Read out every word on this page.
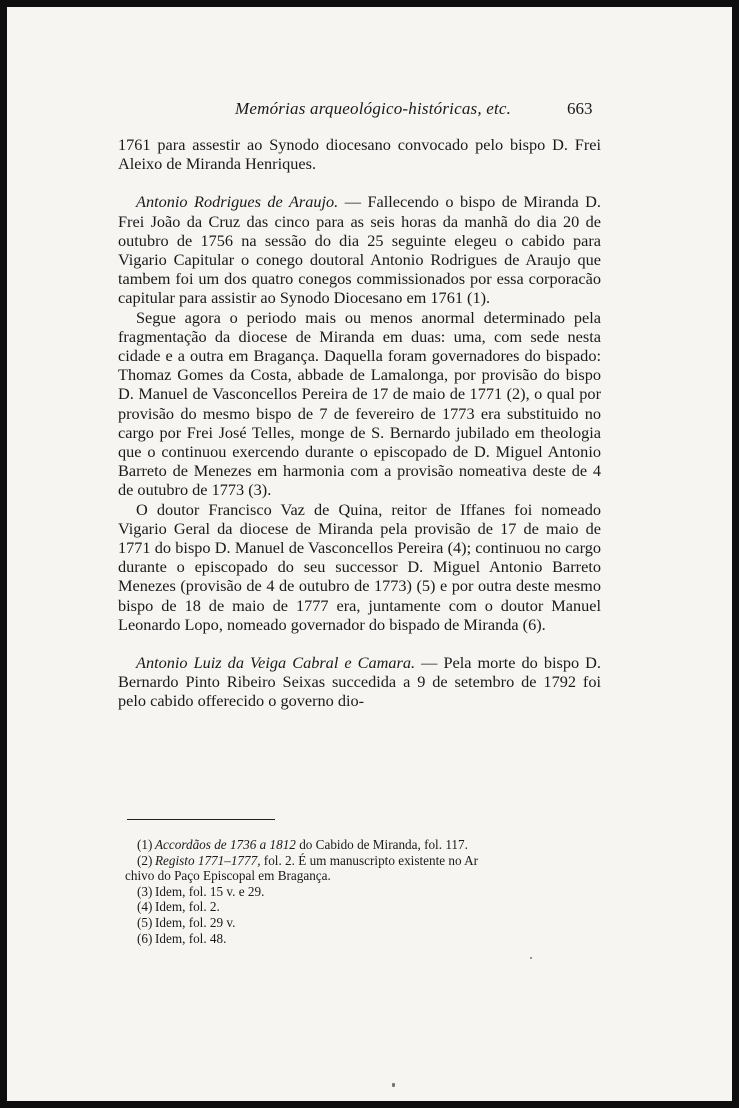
Memórias arqueológico-históricas, etc.	663

1761 para assestir ao Synodo diocesano convocado pelo bispo D. Frei Aleixo de Miranda Henriques.

Antonio Rodrigues de Araujo. — Fallecendo o bispo de Miranda D. Frei João da Cruz das cinco para as seis horas da manhã do dia 20 de outubro de 1756 na sessão do dia 25 seguinte elegeu o cabido para Vigario Capitular o conego doutoral Antonio Rodrigues de Araujo que tambem foi um dos quatro conegos commissionados por essa corporacão capitular para assistir ao Synodo Diocesano em 1761 (1).

Segue agora o periodo mais ou menos anormal determinado pela fragmentação da diocese de Miranda em duas: uma, com sede nesta cidade e a outra em Bragança. Daquella foram governadores do bispado: Thomaz Gomes da Costa, abbade de Lamalonga, por provisão do bispo D. Manuel de Vasconcellos Pereira de 17 de maio de 1771 (2), o qual por provisão do mesmo bispo de 7 de fevereiro de 1773 era substituido no cargo por Frei José Telles, monge de S. Bernardo jubilado em theologia que o continuou exercendo durante o episcopado de D. Miguel Antonio Barreto de Menezes em harmonia com a provisão nomeativa deste de 4 de outubro de 1773 (3).

O doutor Francisco Vaz de Quina, reitor de Iffanes foi nomeado Vigario Geral da diocese de Miranda pela provisão de 17 de maio de 1771 do bispo D. Manuel de Vasconcellos Pereira (4); continuou no cargo durante o episcopado do seu successor D. Miguel Antonio Barreto Menezes (provisão de 4 de outubro de 1773) (5) e por outra deste mesmo bispo de 18 de maio de 1777 era, juntamente com o doutor Manuel Leonardo Lopo, nomeado governador do bispado de Miranda (6).

Antonio Luiz da Veiga Cabral e Camara. — Pela morte do bispo D. Bernardo Pinto Ribeiro Seixas succedida a 9 de setembro de 1792 foi pelo cabido offerecido o governo dio-

(1) Accordãos de 1736 a 1812 do Cabido de Miranda, fol. 117.

(2) Registo 1771–1777, fol. 2. É um manuscripto existente no Ar

chivo do Paço Episcopal em Bragança.

(3) Idem, fol. 15 v. e 29.

(4) Idem, fol. 2.

(5) Idem, fol. 29 v.

(6) Idem, fol. 48.
